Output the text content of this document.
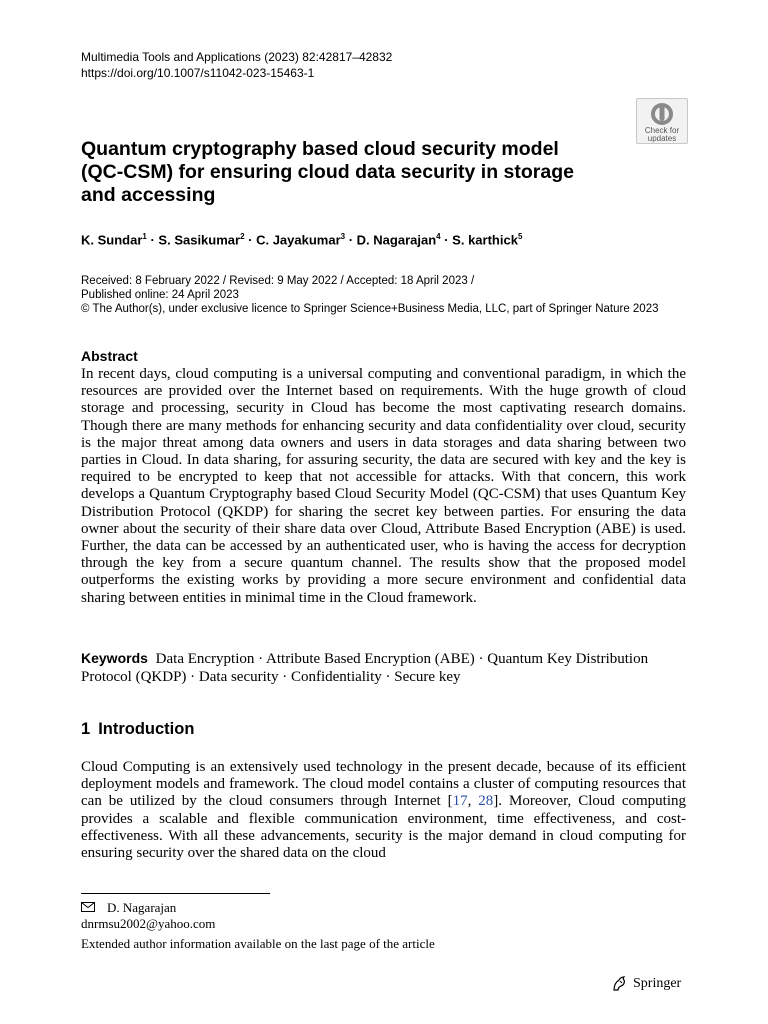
Multimedia Tools and Applications (2023) 82:42817–42832
https://doi.org/10.1007/s11042-023-15463-1
Check for
updates
Quantum cryptography based cloud security model (QC-CSM) for ensuring cloud data security in storage and accessing
K. Sundar$^1$ · S. Sasikumar$^2$ · C. Jayakumar$^3$ · D. Nagarajan$^4$ · S. karthick$^5$
Received: 8 February 2022 / Revised: 9 May 2022 / Accepted: 18 April 2023 /
Published online: 24 April 2023
© The Author(s), under exclusive licence to Springer Science+Business Media, LLC, part of Springer Nature 2023
Abstract

In recent days, cloud computing is a universal computing and conventional paradigm, in which the resources are provided over the Internet based on requirements. With the huge growth of cloud storage and processing, security in Cloud has become the most captivating research domains. Though there are many methods for enhancing security and data confidentiality over cloud, security is the major threat among data owners and users in data storages and data sharing between two parties in Cloud. In data sharing, for assuring security, the data are secured with key and the key is required to be encrypted to keep that not accessible for attacks. With that concern, this work develops a Quantum Cryptography based Cloud Security Model (QC-CSM) that uses Quantum Key Distribution Protocol (QKDP) for sharing the secret key between parties. For ensuring the data owner about the security of their share data over Cloud, Attribute Based Encryption (ABE) is used. Further, the data can be accessed by an authenticated user, who is having the access for decryption through the key from a secure quantum channel. The results show that the proposed model outperforms the existing works by providing a more secure environment and confidential data sharing between entities in minimal time in the Cloud framework.

Keywords Data Encryption · Attribute Based Encryption (ABE) · Quantum Key Distribution Protocol (QKDP) · Data security · Confidentiality · Secure key

1 Introduction

Cloud Computing is an extensively used technology in the present decade, because of its efficient deployment models and framework. The cloud model contains a cluster of computing resources that can be utilized by the cloud consumers through Internet [17, 28]. Moreover, Cloud computing provides a scalable and flexible communication environment, time effectiveness, and cost-effectiveness. With all these advancements, security is the major demand in cloud computing for ensuring security over the shared data on the cloud

D. Nagarajan
dnrmsu2002@yahoo.com
Extended author information available on the last page of the article
Springer
